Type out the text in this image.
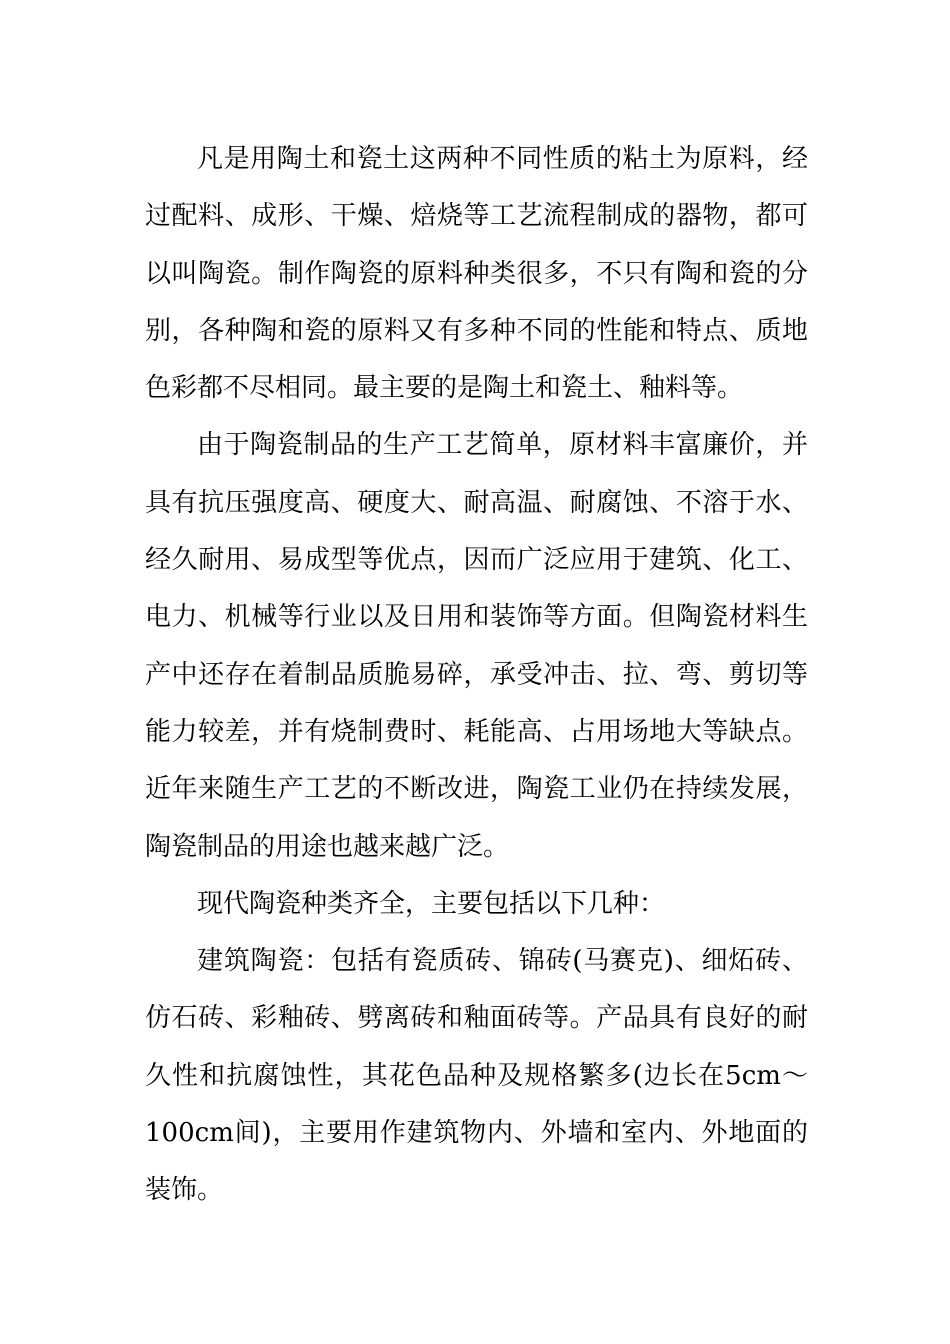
凡是用陶土和瓷土这两种不同性质的粘土为原料，经过配料、成形、干燥、焙烧等工艺流程制成的器物，都可以叫陶瓷。制作陶瓷的原料种类很多，不只有陶和瓷的分别，各种陶和瓷的原料又有多种不同的性能和特点、质地色彩都不尽相同。最主要的是陶土和瓷土、釉料等。

由于陶瓷制品的生产工艺简单，原材料丰富廉价，并具有抗压强度高、硬度大、耐高温、耐腐蚀、不溶于水、经久耐用、易成型等优点，因而广泛应用于建筑、化工、电力、机械等行业以及日用和装饰等方面。但陶瓷材料生产中还存在着制品质脆易碎，承受冲击、拉、弯、剪切等能力较差，并有烧制费时、耗能高、占用场地大等缺点。近年来随生产工艺的不断改进，陶瓷工业仍在持续发展，陶瓷制品的用途也越来越广泛。

现代陶瓷种类齐全，主要包括以下几种：

建筑陶瓷：包括有瓷质砖、锦砖(马赛克)、细炻砖、仿石砖、彩釉砖、劈离砖和釉面砖等。产品具有良好的耐久性和抗腐蚀性，其花色品种及规格繁多(边长在5cm～100cm间)，主要用作建筑物内、外墙和室内、外地面的装饰。
